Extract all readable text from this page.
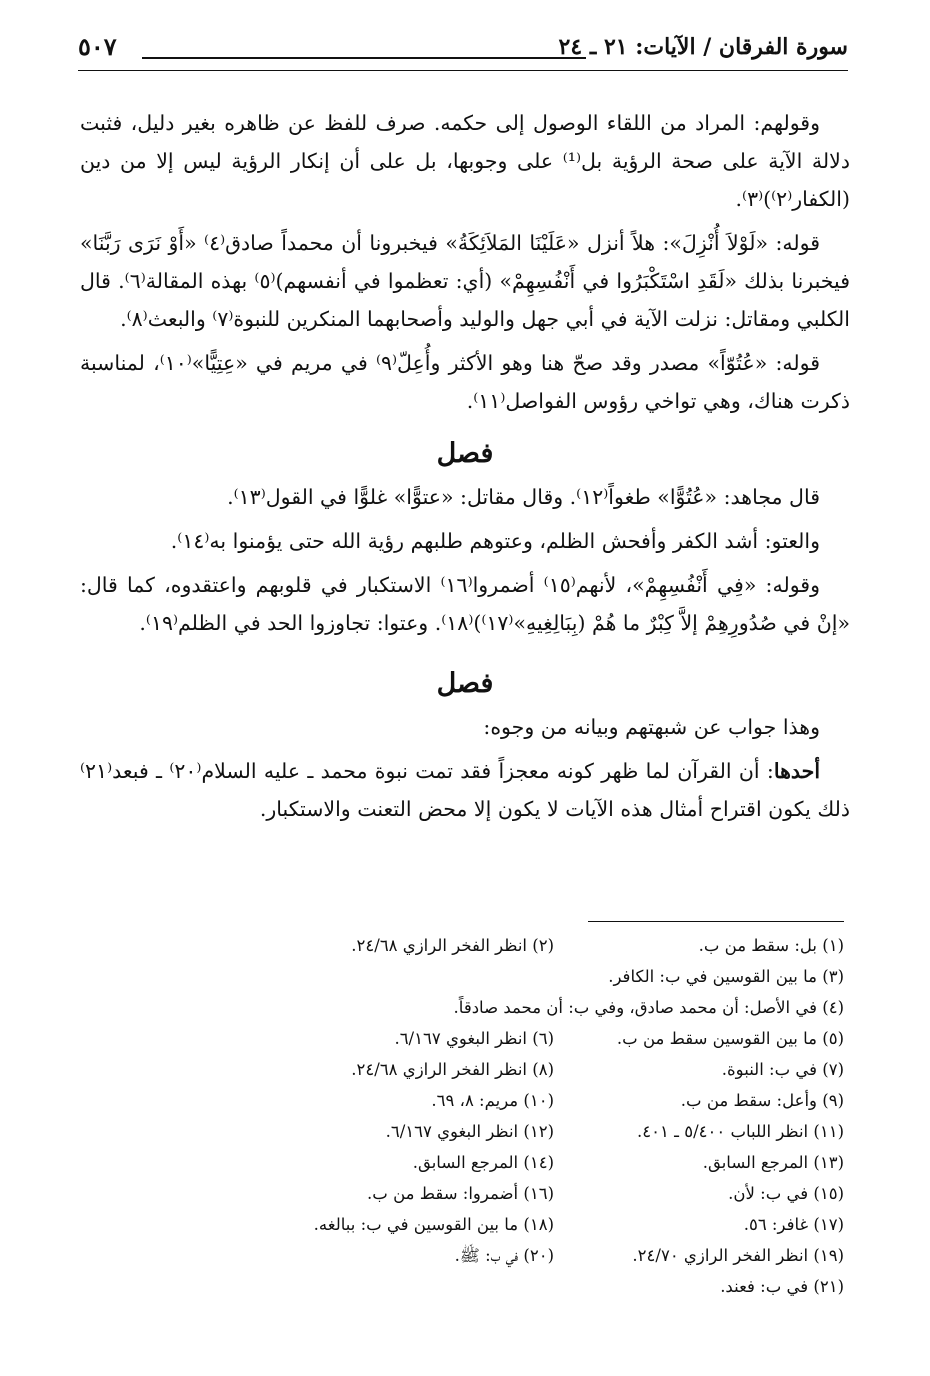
سورة الفرقان / الآيات: ٢١ ـ ٢٤
٥٠٧

وقولهم: المراد من اللقاء الوصول إلى حكمه. صرف للفظ عن ظاهره بغير دليل، فثبت دلالة الآية على صحة الرؤية بل⁽¹⁾ على وجوبها، بل على أن إنكار الرؤية ليس إلا من دين (الكفار⁽٢⁾)⁽٣⁾.

قوله: «لَوْلاَ أُنْزِلَ»: هلاً أنزل «عَلَيْنَا المَلاَئِكَةُ» فيخبرونا أن محمداً صادق⁽٤⁾ «أَوْ نَرَى رَبَّنَا» فيخبرنا بذلك «لَقَدِ اسْتَكْبَرُوا في أَنْفُسِهِمْ» (أي: تعظموا في أنفسهم)⁽٥⁾ بهذه المقالة⁽٦⁾. قال الكلبي ومقاتل: نزلت الآية في أبي جهل والوليد وأصحابهما المنكرين للنبوة⁽٧⁾ والبعث⁽٨⁾.

قوله: «عُتُوّاً» مصدر وقد صحّ هنا وهو الأكثر وأُعِلّ⁽٩⁾ في مريم في «عِتِيًّا»⁽١٠⁾، لمناسبة ذكرت هناك، وهي تواخي رؤوس الفواصل⁽١١⁾.

فصل

قال مجاهد: «عُتُوًّا» طغواً⁽١٢⁾. وقال مقاتل: «عتوًّا» غلوًّا في القول⁽١٣⁾.

والعتو: أشد الكفر وأفحش الظلم، وعتوهم طلبهم رؤية الله حتى يؤمنوا به⁽١٤⁾.

وقوله: «فِي أَنْفُسِهِمْ»، لأنهم⁽١٥⁾ أضمروا⁽١٦⁾ الاستكبار في قلوبهم واعتقدوه، كما قال: «إنْ في صُدُورِهِمْ إلاَّ كِبْرٌ ما هُمْ (بِبَالِغِيهِ»⁽١٧⁾)⁽١٨⁾. وعتوا: تجاوزوا الحد في الظلم⁽١٩⁾.

فصل

وهذا جواب عن شبهتهم وبيانه من وجوه:

أحدها: أن القرآن لما ظهر كونه معجزاً فقد تمت نبوة محمد ـ عليه السلام⁽٢٠⁾ ـ فبعد⁽٢١⁾ ذلك يكون اقتراح أمثال هذه الآيات لا يكون إلا محض التعنت والاستكبار.

(١) بل: سقط من ب.
(٢) انظر الفخر الرازي ٢٤/٦٨.
(٣) ما بين القوسين في ب: الكافر.
(٤) في الأصل: أن محمد صادق، وفي ب: أن محمد صادقاً.
(٥) ما بين القوسين سقط من ب.
(٦) انظر البغوي ٦/١٦٧.
(٧) في ب: النبوة.
(٨) انظر الفخر الرازي ٢٤/٦٨.
(٩) وأعل: سقط من ب.
(١٠) مريم: ٨، ٦٩.
(١١) انظر اللباب ٥/٤٠٠ ـ ٤٠١.
(١٢) انظر البغوي ٦/١٦٧.
(١٣) المرجع السابق.
(١٤) المرجع السابق.
(١٥) في ب: لأن.
(١٦) أضمروا: سقط من ب.
(١٧) غافر: ٥٦.
(١٨) ما بين القوسين في ب: ببالغه.
(١٩) انظر الفخر الرازي ٢٤/٧٠.
(٢٠) في ب: ﷺ.
(٢١) في ب: فعند.
